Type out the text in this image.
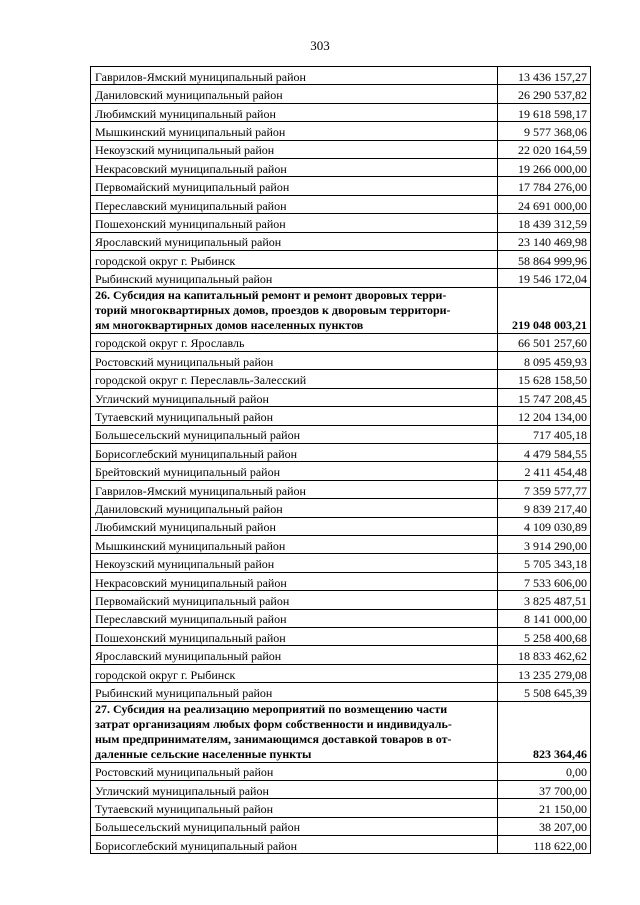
303
Гаврилов-Ямский муниципальный район	13 436 157,27
Даниловский муниципальный район	26 290 537,82
Любимский муниципальный район	19 618 598,17
Мышкинский муниципальный район	9 577 368,06
Некоузский муниципальный район	22 020 164,59
Некрасовский муниципальный район	19 266 000,00
Первомайский муниципальный район	17 784 276,00
Переславский муниципальный район	24 691 000,00
Пошехонский муниципальный район	18 439 312,59
Ярославский муниципальный район	23 140 469,98
городской округ г. Рыбинск	58 864 999,96
Рыбинский муниципальный район	19 546 172,04

26. Субсидия на капитальный ремонт и ремонт дворовых терри-
торий многоквартирных домов, проездов к дворовым территори-
ям многоквартирных домов населенных пунктов	219 048 003,21
городской округ г. Ярославль	66 501 257,60
Ростовский муниципальный район	8 095 459,93
городской округ г. Переславль-Залесский	15 628 158,50
Угличский муниципальный район	15 747 208,45
Тутаевский муниципальный район	12 204 134,00
Большесельский муниципальный район	717 405,18
Борисоглебский муниципальный район	4 479 584,55
Брейтовский муниципальный район	2 411 454,48
Гаврилов-Ямский муниципальный район	7 359 577,77
Даниловский муниципальный район	9 839 217,40
Любимский муниципальный район	4 109 030,89
Мышкинский муниципальный район	3 914 290,00
Некоузский муниципальный район	5 705 343,18
Некрасовский муниципальный район	7 533 606,00
Первомайский муниципальный район	3 825 487,51
Переславский муниципальный район	8 141 000,00
Пошехонский муниципальный район	5 258 400,68
Ярославский муниципальный район	18 833 462,62
городской округ г. Рыбинск	13 235 279,08
Рыбинский муниципальный район	5 508 645,39

27. Субсидия на реализацию мероприятий по возмещению части
затрат организациям любых форм собственности и индивидуаль-
ным предпринимателям, занимающимся доставкой товаров в от-
даленные сельские населенные пункты	823 364,46
Ростовский муниципальный район	0,00
Угличский муниципальный район	37 700,00
Тутаевский муниципальный район	21 150,00
Большесельский муниципальный район	38 207,00
Борисоглебский муниципальный район	118 622,00
